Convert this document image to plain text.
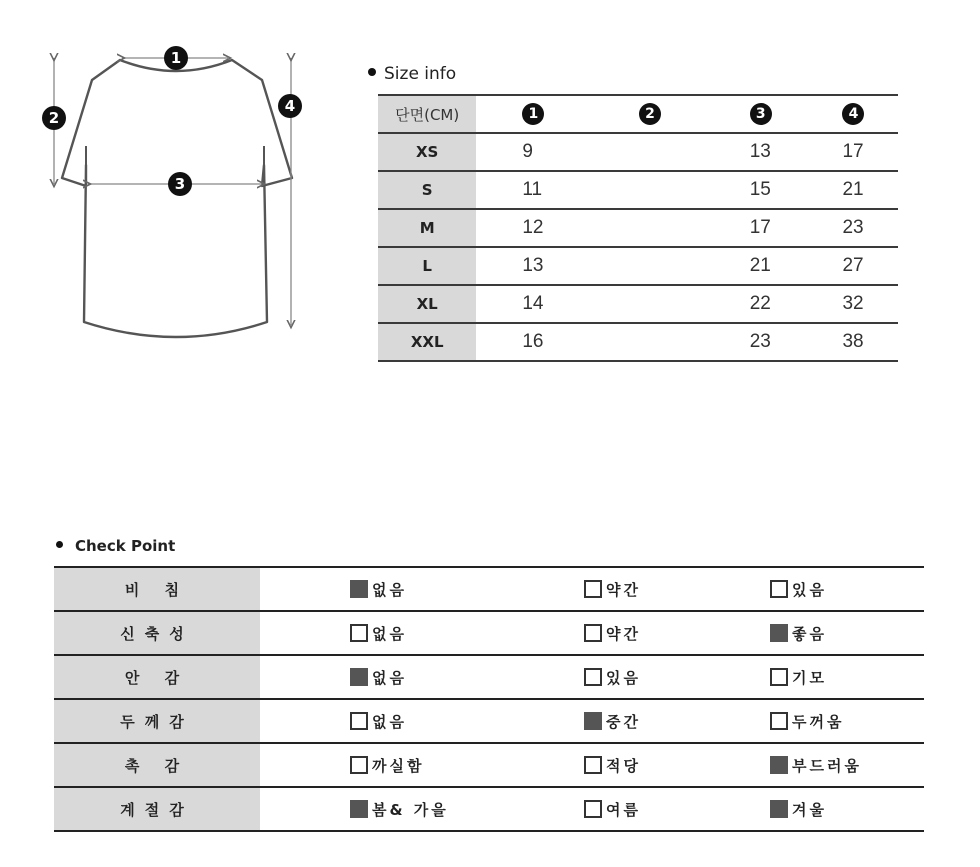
1
2
3
4
Size info
단면(CM)	1	2	3	4
XS	9		13	17
S	11		15	21
M	12		17	23
L	13		21	27
XL	14		22	32
XXL	16		23	38
Check Point
비 침	없음	약간	있음
신축성	없음	약간	좋음
안 감	없음	있음	기모
두께감	없음	중간	두꺼움
촉 감	까실함	적당	부드러움
계절감	봄& 가을	여름	겨울
